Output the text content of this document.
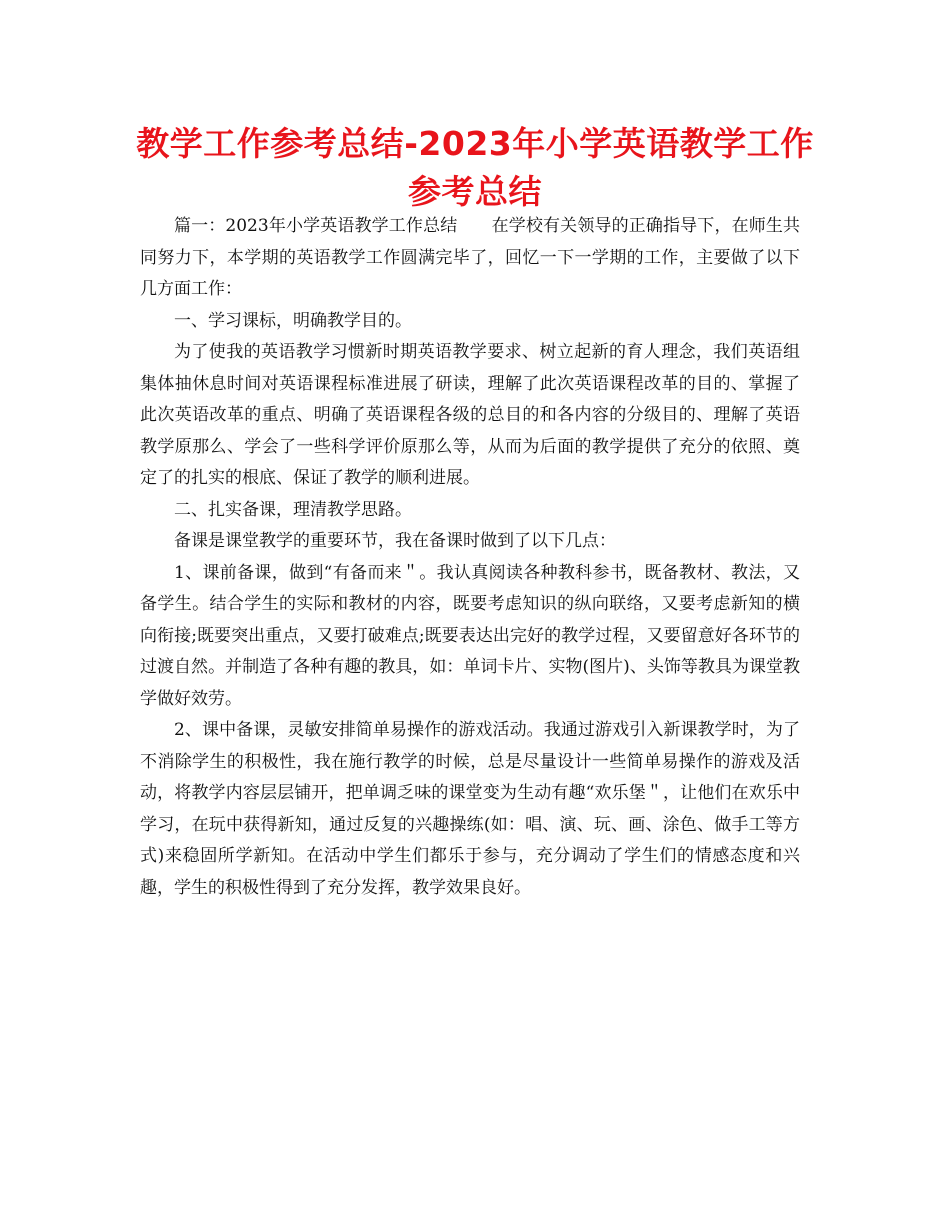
教学工作参考总结-2023年小学英语教学工作参考总结

篇一：2023年小学英语教学工作总结　　在学校有关领导的正确指导下，在师生共同努力下，本学期的英语教学工作圆满完毕了，回忆一下一学期的工作，主要做了以下几方面工作：

一、学习课标，明确教学目的。

为了使我的英语教学习惯新时期英语教学要求、树立起新的育人理念，我们英语组集体抽休息时间对英语课程标准进展了研读，理解了此次英语课程改革的目的、掌握了此次英语改革的重点、明确了英语课程各级的总目的和各内容的分级目的、理解了英语教学原那么、学会了一些科学评价原那么等，从而为后面的教学提供了充分的依照、奠定了的扎实的根底、保证了教学的顺利进展。

二、扎实备课，理清教学思路。

备课是课堂教学的重要环节，我在备课时做到了以下几点：

1、课前备课，做到“有备而来＂。我认真阅读各种教科参书，既备教材、教法，又备学生。结合学生的实际和教材的内容，既要考虑知识的纵向联络，又要考虑新知的横向衔接;既要突出重点，又要打破难点;既要表达出完好的教学过程，又要留意好各环节的过渡自然。并制造了各种有趣的教具，如：单词卡片、实物(图片)、头饰等教具为课堂教学做好效劳。

2、课中备课，灵敏安排简单易操作的游戏活动。我通过游戏引入新课教学时，为了不消除学生的积极性，我在施行教学的时候，总是尽量设计一些简单易操作的游戏及活动，将教学内容层层铺开，把单调乏味的课堂变为生动有趣“欢乐堡＂，让他们在欢乐中学习，在玩中获得新知，通过反复的兴趣操练(如：唱、演、玩、画、涂色、做手工等方式)来稳固所学新知。在活动中学生们都乐于参与，充分调动了学生们的情感态度和兴趣，学生的积极性得到了充分发挥，教学效果良好。
